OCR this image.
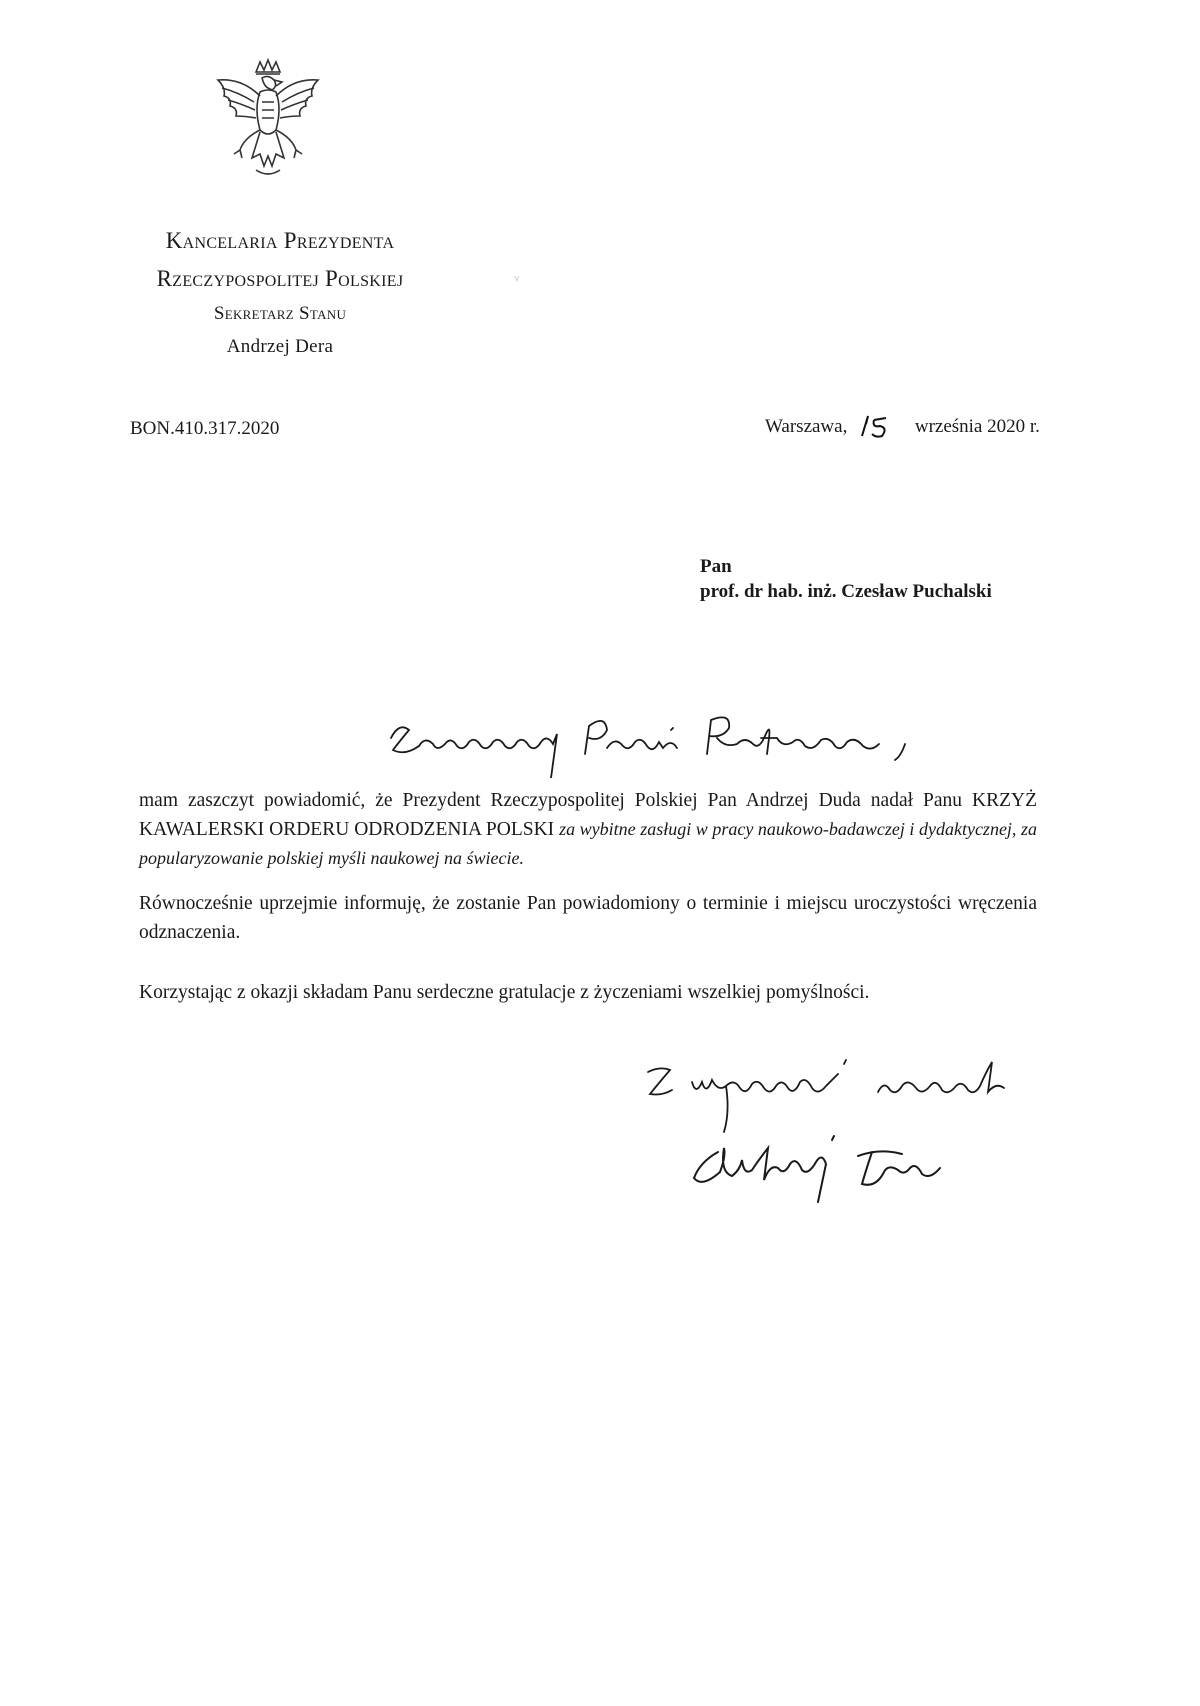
Kancelaria Prezydenta
Rzeczypospolitej Polskiej
Sekretarz Stanu
Andrzej Dera
˅
BON.410.317.2020	Warszawa,	września 2020 r.
Pan
prof. dr hab. inż. Czesław Puchalski
mam zaszczyt powiadomić, że Prezydent Rzeczypospolitej Polskiej Pan Andrzej Duda nadał Panu KRZYŻ KAWALERSKI ORDERU ODRODZENIA POLSKI za wybitne zasługi w pracy naukowo-badawczej i dydaktycznej, za popularyzowanie polskiej myśli naukowej na świecie.
Równocześnie uprzejmie informuję, że zostanie Pan powiadomiony o terminie i miejscu uroczystości wręczenia odznaczenia.
Korzystając z okazji składam Panu serdeczne gratulacje z życzeniami wszelkiej pomyślności.
